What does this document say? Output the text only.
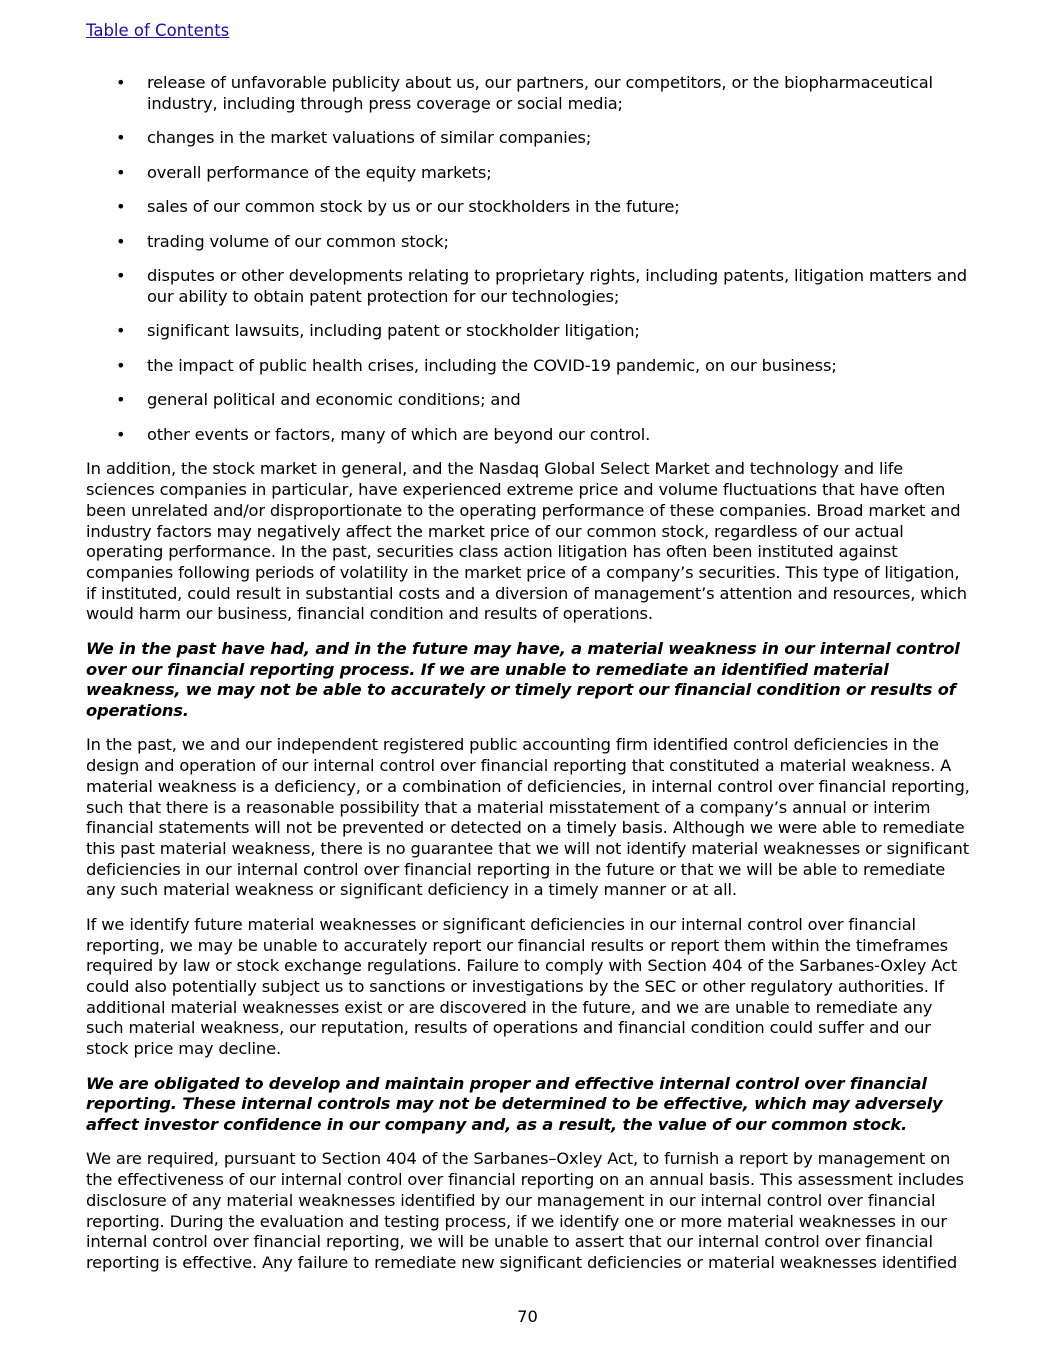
Table of Contents
• release of unfavorable publicity about us, our partners, our competitors, or the biopharmaceutical industry, including through press coverage or social media;
• changes in the market valuations of similar companies;
• overall performance of the equity markets;
• sales of our common stock by us or our stockholders in the future;
• trading volume of our common stock;
• disputes or other developments relating to proprietary rights, including patents, litigation matters and our ability to obtain patent protection for our technologies;
• significant lawsuits, including patent or stockholder litigation;
• the impact of public health crises, including the COVID-19 pandemic, on our business;
• general political and economic conditions; and
• other events or factors, many of which are beyond our control.

In addition, the stock market in general, and the Nasdaq Global Select Market and technology and life sciences companies in particular, have experienced extreme price and volume fluctuations that have often been unrelated and/or disproportionate to the operating performance of these companies. Broad market and industry factors may negatively affect the market price of our common stock, regardless of our actual operating performance. In the past, securities class action litigation has often been instituted against companies following periods of volatility in the market price of a company’s securities. This type of litigation, if instituted, could result in substantial costs and a diversion of management’s attention and resources, which would harm our business, financial condition and results of operations.

We in the past have had, and in the future may have, a material weakness in our internal control over our financial reporting process. If we are unable to remediate an identified material weakness, we may not be able to accurately or timely report our financial condition or results of operations.

In the past, we and our independent registered public accounting firm identified control deficiencies in the design and operation of our internal control over financial reporting that constituted a material weakness. A material weakness is a deficiency, or a combination of deficiencies, in internal control over financial reporting, such that there is a reasonable possibility that a material misstatement of a company’s annual or interim financial statements will not be prevented or detected on a timely basis. Although we were able to remediate this past material weakness, there is no guarantee that we will not identify material weaknesses or significant deficiencies in our internal control over financial reporting in the future or that we will be able to remediate any such material weakness or significant deficiency in a timely manner or at all.

If we identify future material weaknesses or significant deficiencies in our internal control over financial reporting, we may be unable to accurately report our financial results or report them within the timeframes required by law or stock exchange regulations. Failure to comply with Section 404 of the Sarbanes-Oxley Act could also potentially subject us to sanctions or investigations by the SEC or other regulatory authorities. If additional material weaknesses exist or are discovered in the future, and we are unable to remediate any such material weakness, our reputation, results of operations and financial condition could suffer and our stock price may decline.

We are obligated to develop and maintain proper and effective internal control over financial reporting. These internal controls may not be determined to be effective, which may adversely affect investor confidence in our company and, as a result, the value of our common stock.

We are required, pursuant to Section 404 of the Sarbanes–Oxley Act, to furnish a report by management on the effectiveness of our internal control over financial reporting on an annual basis. This assessment includes disclosure of any material weaknesses identified by our management in our internal control over financial reporting. During the evaluation and testing process, if we identify one or more material weaknesses in our internal control over financial reporting, we will be unable to assert that our internal control over financial reporting is effective. Any failure to remediate new significant deficiencies or material weaknesses identified

70
